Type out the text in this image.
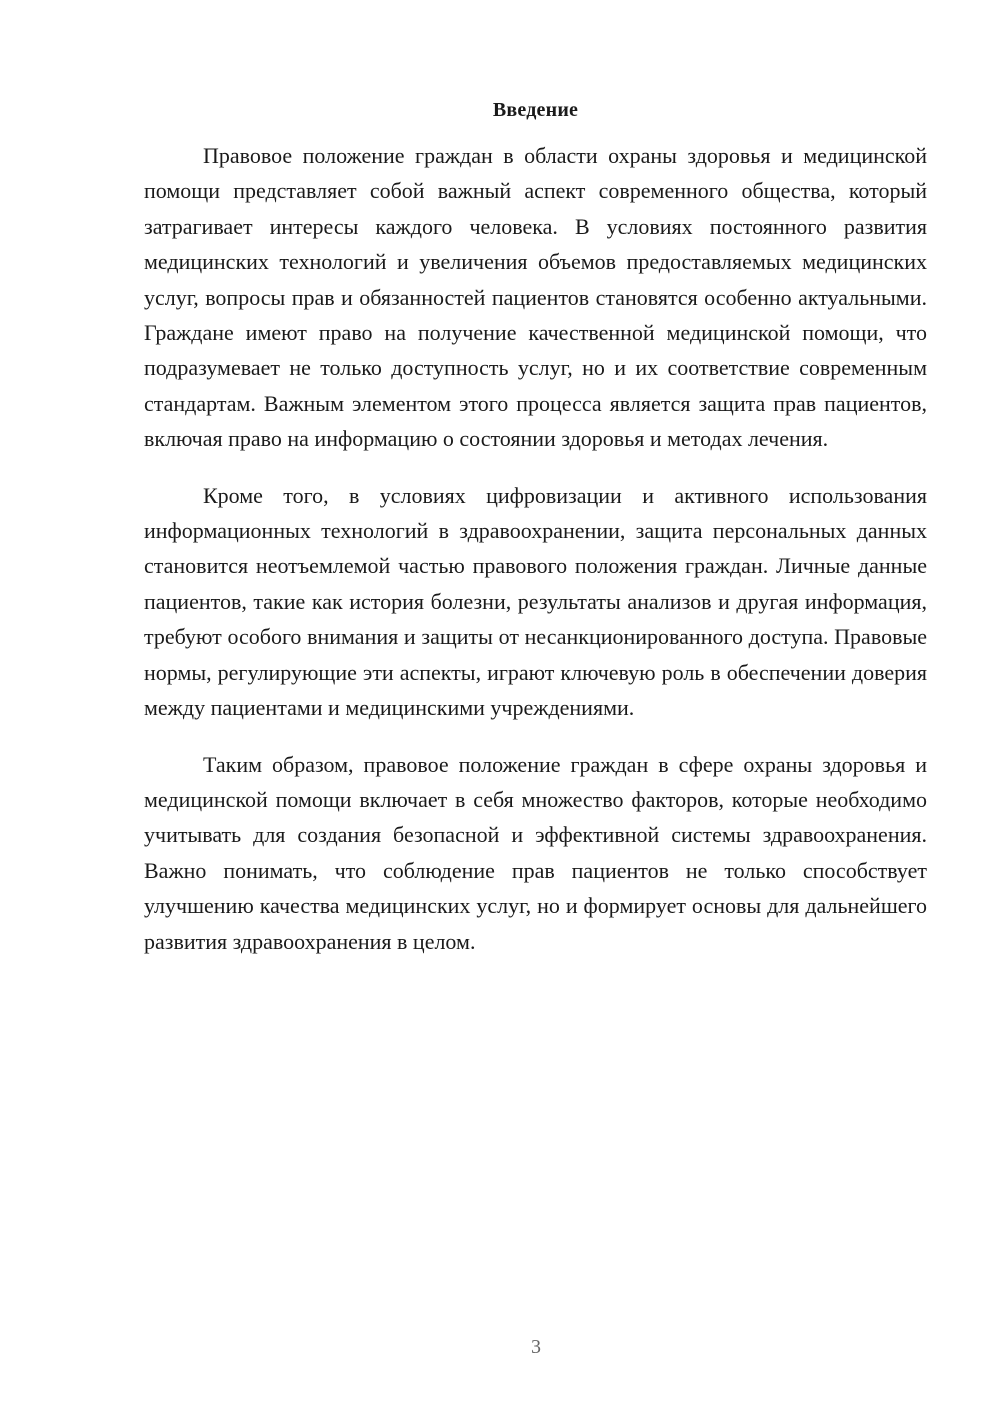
Введение

Правовое положение граждан в области охраны здоровья и медицинской помощи представляет собой важный аспект современного общества, который затрагивает интересы каждого человека. В условиях постоянного развития медицинских технологий и увеличения объемов предоставляемых медицинских услуг, вопросы прав и обязанностей пациентов становятся особенно актуальными. Граждане имеют право на получение качественной медицинской помощи, что подразумевает не только доступность услуг, но и их соответствие современным стандартам. Важным элементом этого процесса является защита прав пациентов, включая право на информацию о состоянии здоровья и методах лечения.

Кроме того, в условиях цифровизации и активного использования информационных технологий в здравоохранении, защита персональных данных становится неотъемлемой частью правового положения граждан. Личные данные пациентов, такие как история болезни, результаты анализов и другая информация, требуют особого внимания и защиты от несанкционированного доступа. Правовые нормы, регулирующие эти аспекты, играют ключевую роль в обеспечении доверия между пациентами и медицинскими учреждениями.

Таким образом, правовое положение граждан в сфере охраны здоровья и медицинской помощи включает в себя множество факторов, которые необходимо учитывать для создания безопасной и эффективной системы здравоохранения. Важно понимать, что соблюдение прав пациентов не только способствует улучшению качества медицинских услуг, но и формирует основы для дальнейшего развития здравоохранения в целом.

3
